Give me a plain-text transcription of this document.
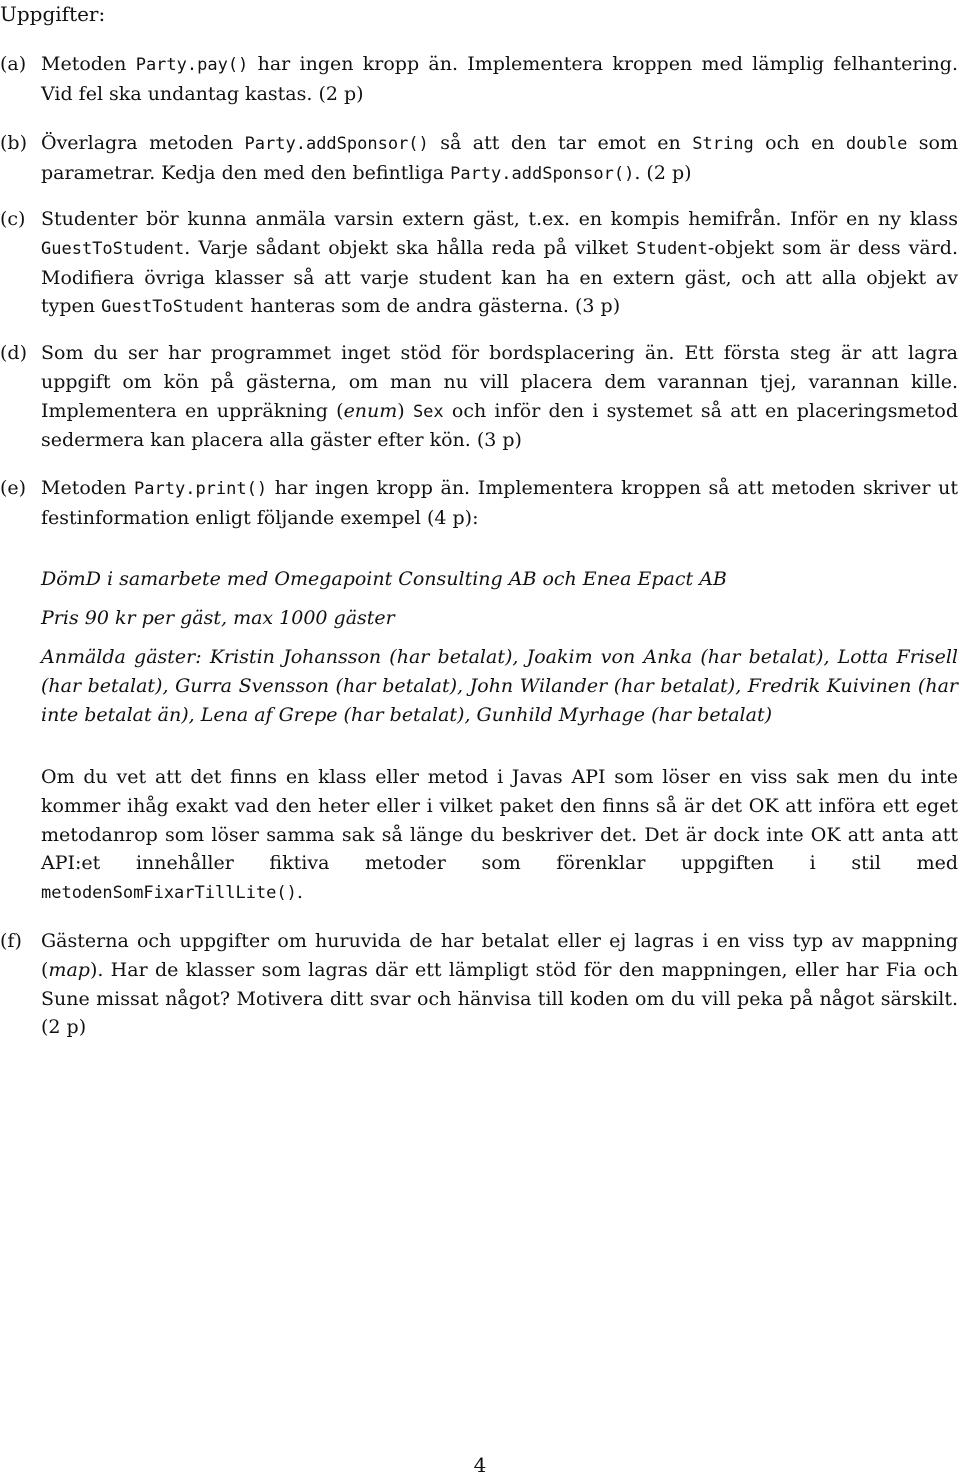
Uppgifter:
(a) Metoden Party.pay() har ingen kropp än. Implementera kroppen med lämplig felhantering. Vid fel ska undantag kastas. (2 p)
(b) Överlagra metoden Party.addSponsor() så att den tar emot en String och en double som parametrar. Kedja den med den befintliga Party.addSponsor(). (2 p)
(c) Studenter bör kunna anmäla varsin extern gäst, t.ex. en kompis hemifrån. Inför en ny klass GuestToStudent. Varje sådant objekt ska hålla reda på vilket Student-objekt som är dess värd. Modifiera övriga klasser så att varje student kan ha en extern gäst, och att alla objekt av typen GuestToStudent hanteras som de andra gästerna. (3 p)
(d) Som du ser har programmet inget stöd för bordsplacering än. Ett första steg är att lagra uppgift om kön på gästerna, om man nu vill placera dem varannan tjej, varannan kille. Implementera en uppräkning (enum) Sex och inför den i systemet så att en placeringsmetod sedermera kan placera alla gäster efter kön. (3 p)
(e) Metoden Party.print() har ingen kropp än. Implementera kroppen så att metoden skriver ut festinformation enligt följande exempel (4 p):
DömD i samarbete med Omegapoint Consulting AB och Enea Epact AB
Pris 90 kr per gäst, max 1000 gäster
Anmälda gäster: Kristin Johansson (har betalat), Joakim von Anka (har betalat), Lotta Frisell (har betalat), Gurra Svensson (har betalat), John Wilander (har betalat), Fredrik Kuivinen (har inte betalat än), Lena af Grepe (har betalat), Gunhild Myrhage (har betalat)
Om du vet att det finns en klass eller metod i Javas API som löser en viss sak men du inte kommer ihåg exakt vad den heter eller i vilket paket den finns så är det OK att införa ett eget metodanrop som löser samma sak så länge du beskriver det. Det är dock inte OK att anta att API:et innehåller fiktiva metoder som förenklar uppgiften i stil med metodenSomFixarTillLite().
(f)	Gästerna och uppgifter om huruvida de har betalat eller ej lagras i en viss typ av mappning (map). Har de klasser som lagras där ett lämpligt stöd för den mappningen, eller har Fia och Sune missat något? Motivera ditt svar och hänvisa till koden om du vill peka på något särskilt. (2 p)
4
